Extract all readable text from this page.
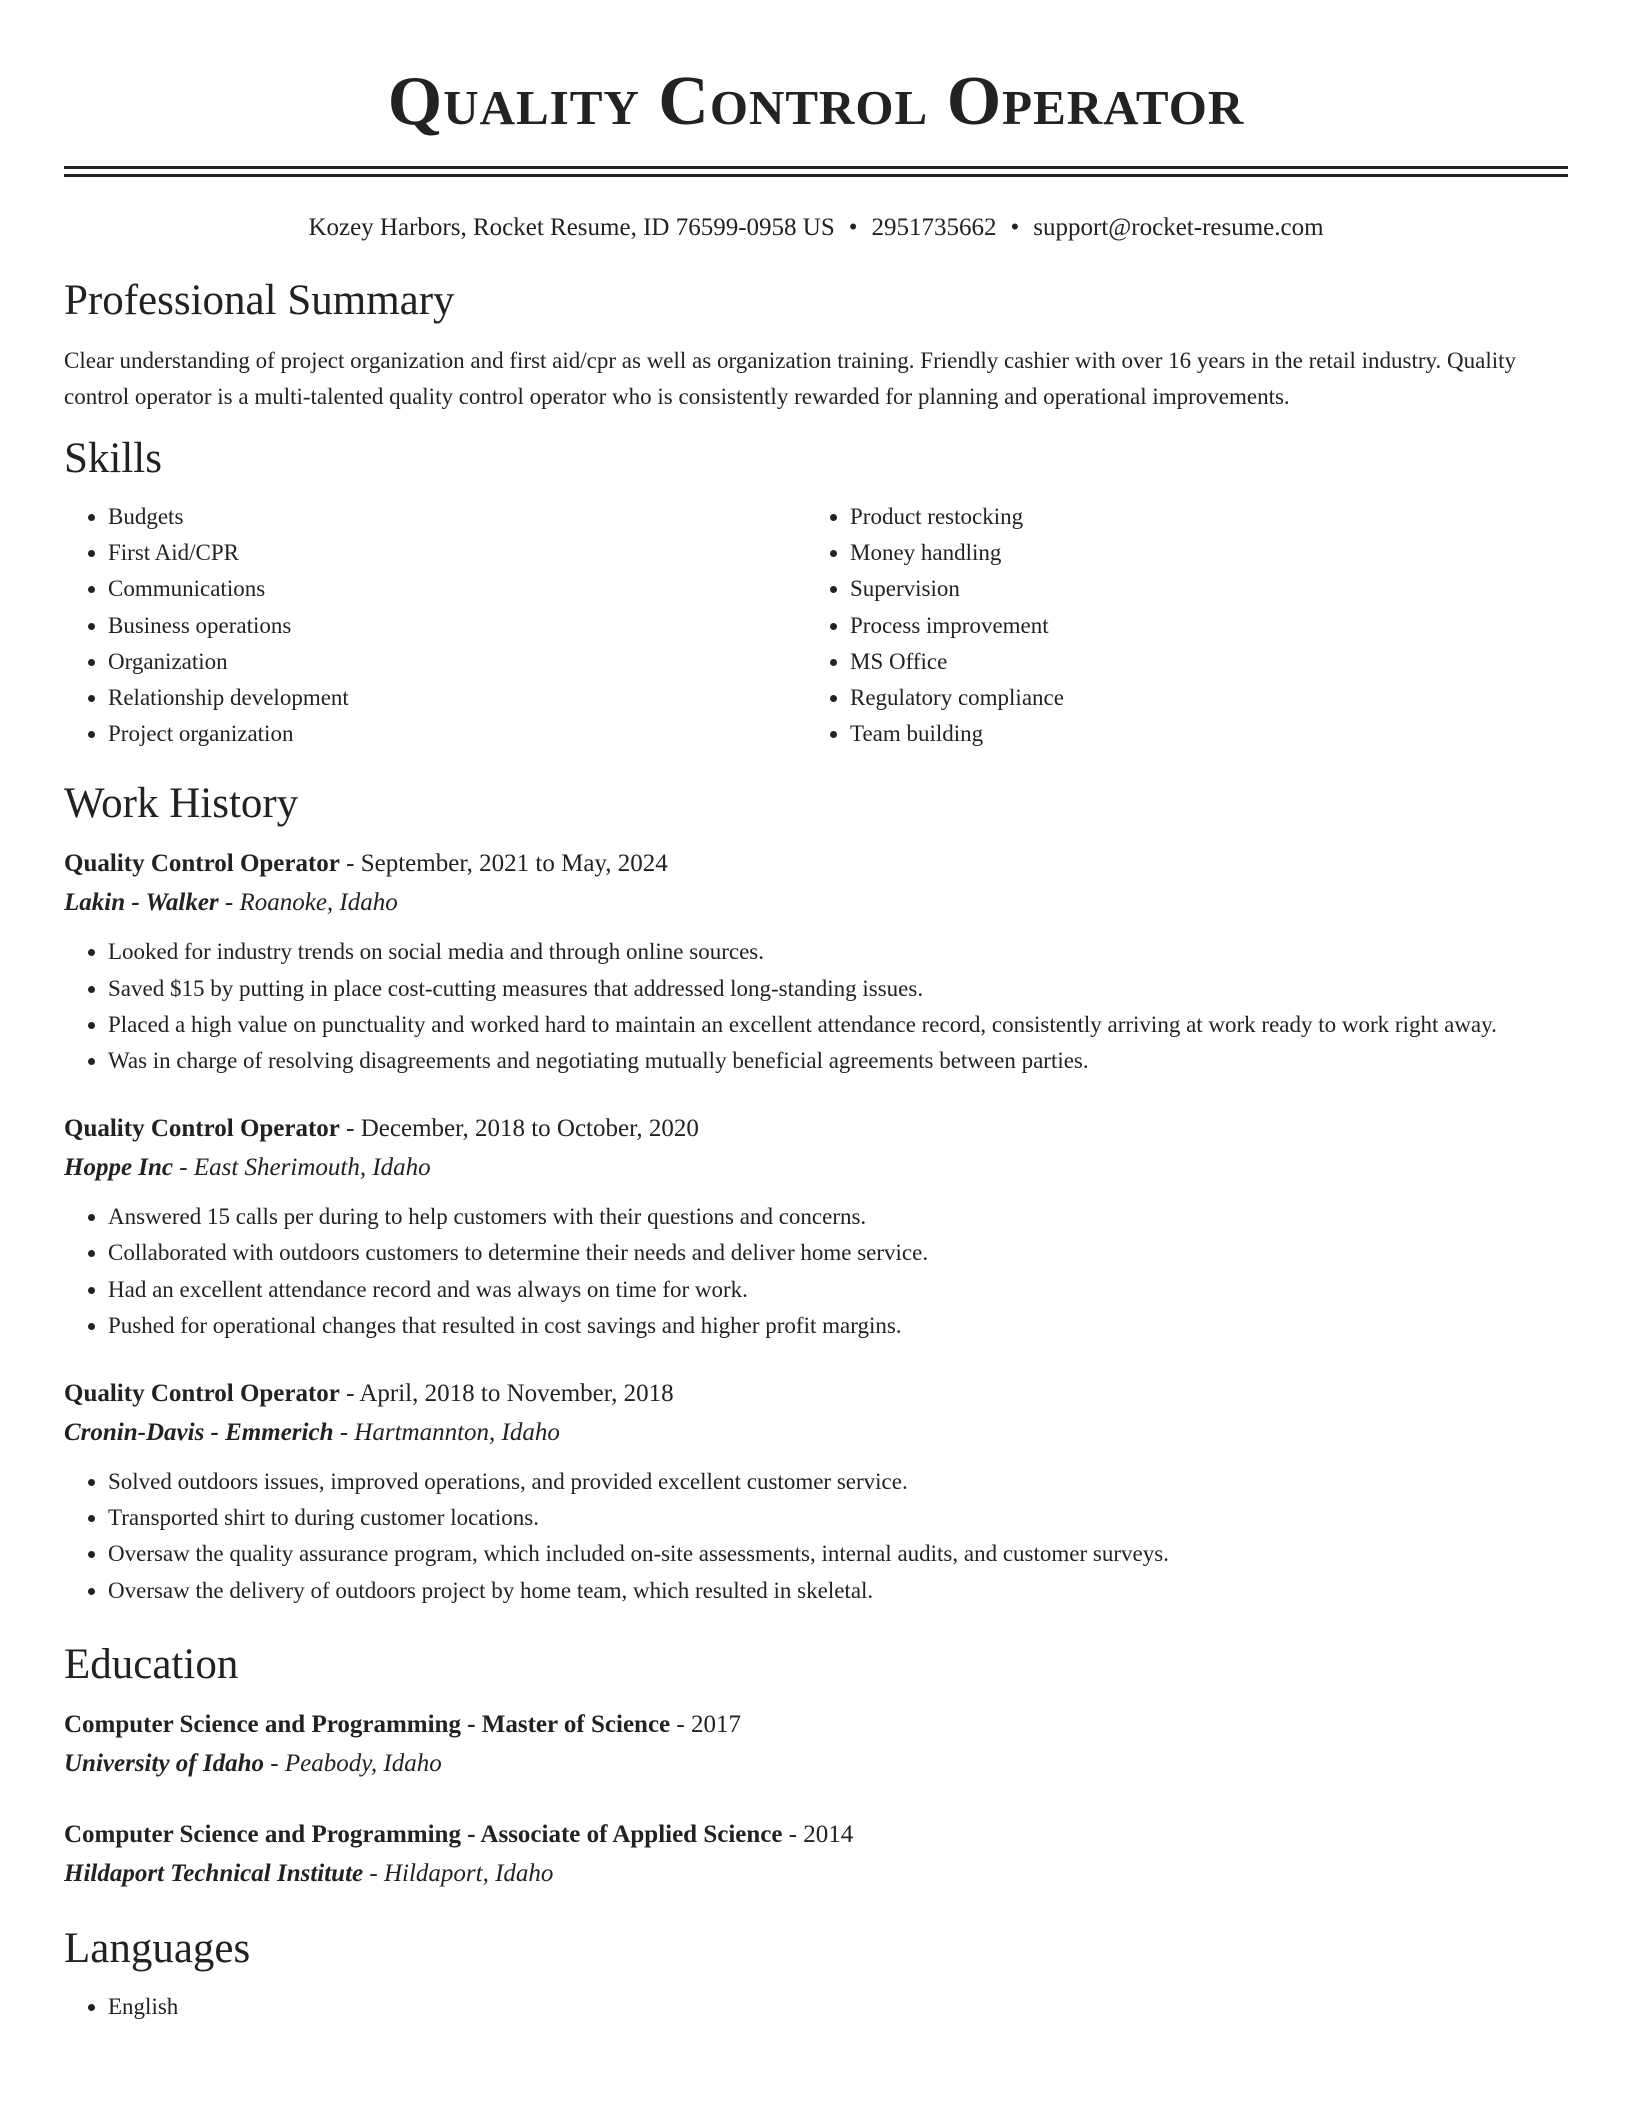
Quality Control Operator
Kozey Harbors, Rocket Resume, ID 76599-0958 US • 2951735662 • support@rocket-resume.com
Professional Summary
Clear understanding of project organization and first aid/cpr as well as organization training. Friendly cashier with over 16 years in the retail industry. Quality control operator is a multi-talented quality control operator who is consistently rewarded for planning and operational improvements.
Skills
• Budgets
• First Aid/CPR
• Communications
• Business operations
• Organization
• Relationship development
• Project organization
• Product restocking
• Money handling
• Supervision
• Process improvement
• MS Office
• Regulatory compliance
• Team building
Work History
Quality Control Operator - September, 2021 to May, 2024
Lakin - Walker - Roanoke, Idaho
• Looked for industry trends on social media and through online sources.
• Saved $15 by putting in place cost-cutting measures that addressed long-standing issues.
• Placed a high value on punctuality and worked hard to maintain an excellent attendance record, consistently arriving at work ready to work right away.
• Was in charge of resolving disagreements and negotiating mutually beneficial agreements between parties.
Quality Control Operator - December, 2018 to October, 2020
Hoppe Inc - East Sherimouth, Idaho
• Answered 15 calls per during to help customers with their questions and concerns.
• Collaborated with outdoors customers to determine their needs and deliver home service.
• Had an excellent attendance record and was always on time for work.
• Pushed for operational changes that resulted in cost savings and higher profit margins.
Quality Control Operator - April, 2018 to November, 2018
Cronin-Davis - Emmerich - Hartmannton, Idaho
• Solved outdoors issues, improved operations, and provided excellent customer service.
• Transported shirt to during customer locations.
• Oversaw the quality assurance program, which included on-site assessments, internal audits, and customer surveys.
• Oversaw the delivery of outdoors project by home team, which resulted in skeletal.
Education
Computer Science and Programming - Master of Science - 2017
University of Idaho - Peabody, Idaho
Computer Science and Programming - Associate of Applied Science - 2014
Hildaport Technical Institute - Hildaport, Idaho
Languages
• English
